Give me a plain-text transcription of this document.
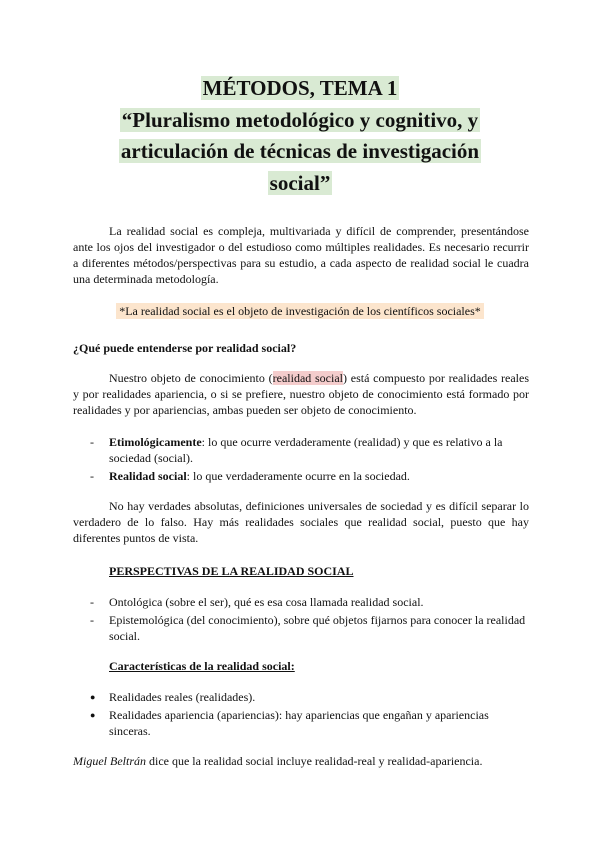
MÉTODOS, TEMA 1
“Pluralismo metodológico y cognitivo, y
articulación de técnicas de investigación
social”

La realidad social es compleja, multivariada y difícil de comprender, presentándose ante los ojos del investigador o del estudioso como múltiples realidades. Es necesario recurrir a diferentes métodos/perspectivas para su estudio, a cada aspecto de realidad social le cuadra una determinada metodología.

*La realidad social es el objeto de investigación de los científicos sociales*
¿Qué puede entenderse por realidad social?

Nuestro objeto de conocimiento (realidad social) está compuesto por realidades reales y por realidades apariencia, o si se prefiere, nuestro objeto de conocimiento está formado por realidades y por apariencias, ambas pueden ser objeto de conocimiento.

- Etimológicamente: lo que ocurre verdaderamente (realidad) y que es relativo a la sociedad (social).
- Realidad social: lo que verdaderamente ocurre en la sociedad.

No hay verdades absolutas, definiciones universales de sociedad y es difícil separar lo verdadero de lo falso. Hay más realidades sociales que realidad social, puesto que hay diferentes puntos de vista.

PERSPECTIVAS DE LA REALIDAD SOCIAL
- Ontológica (sobre el ser), qué es esa cosa llamada realidad social.
- Epistemológica (del conocimiento), sobre qué objetos fijarnos para conocer la realidad social.
Características de la realidad social:
● Realidades reales (realidades).
● Realidades apariencia (apariencias): hay apariencias que engañan y apariencias sinceras.

Miguel Beltrán dice que la realidad social incluye realidad-real y realidad-apariencia.
